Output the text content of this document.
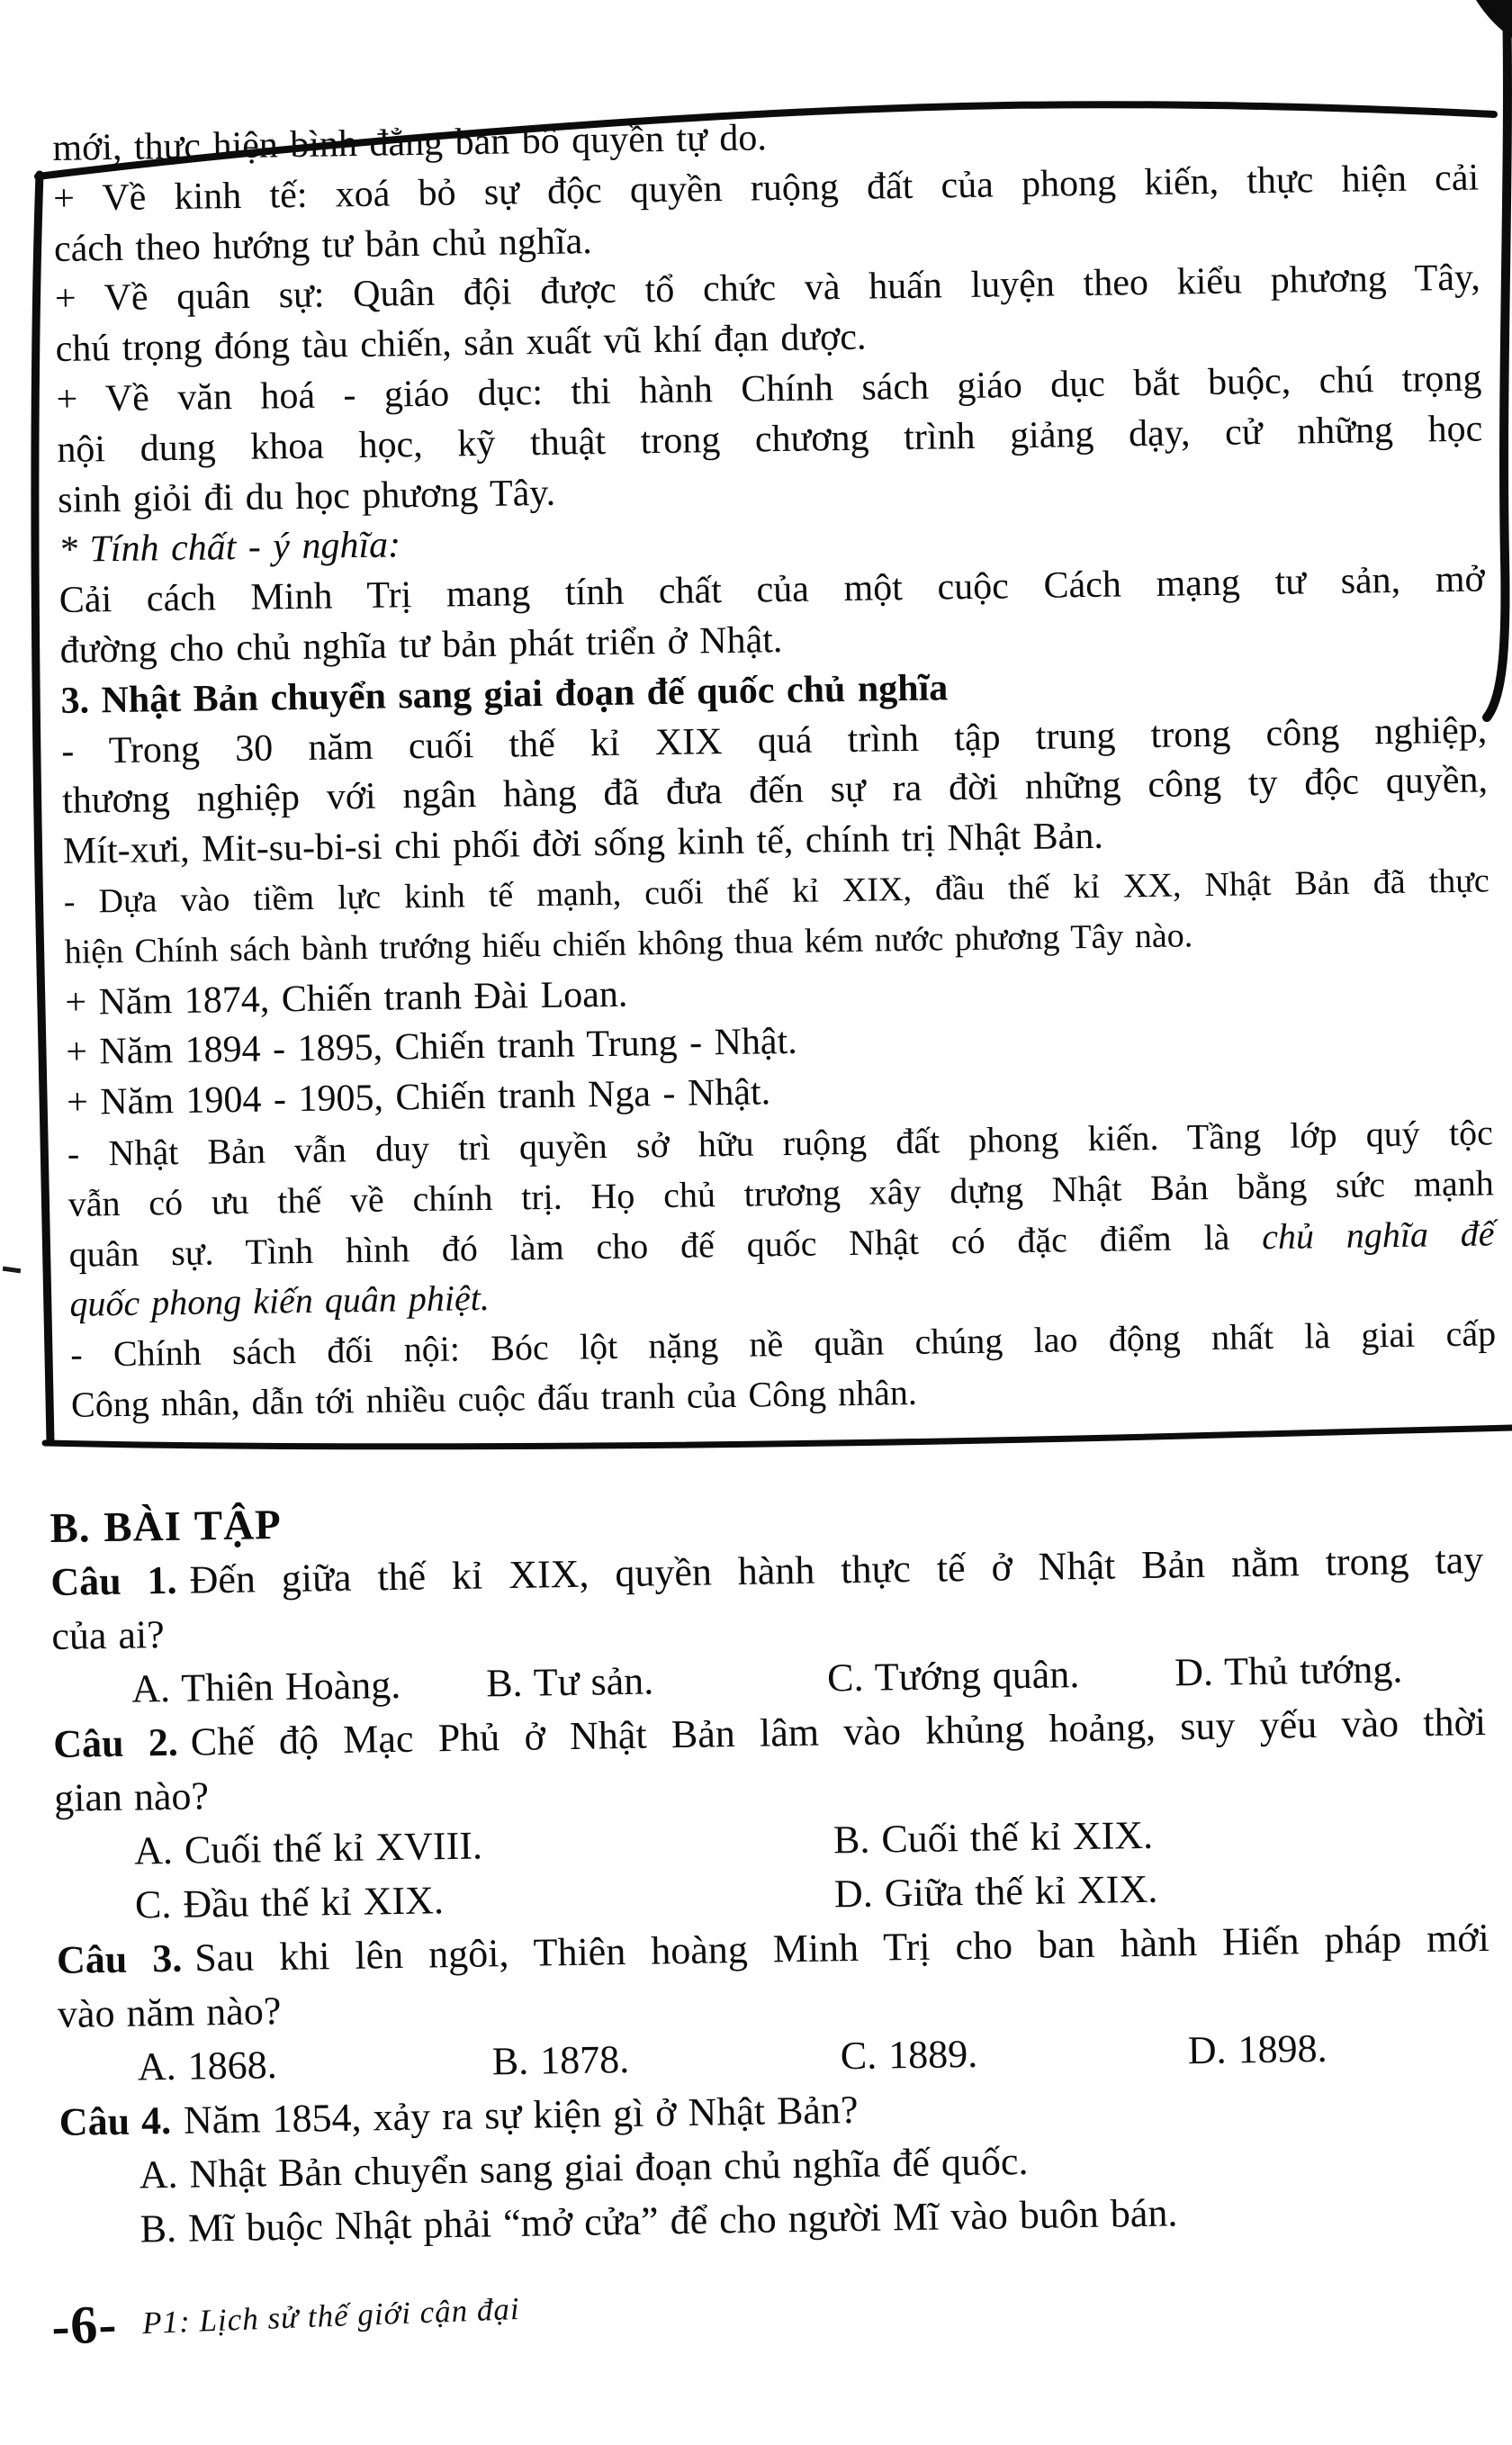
mới, thực hiện bình đẳng ban bố quyền tự do.
+ Về kinh tế: xoá bỏ sự độc quyền ruộng đất của phong kiến, thực hiện cải
cách theo hướng tư bản chủ nghĩa.
+ Về quân sự: Quân đội được tổ chức và huấn luyện theo kiểu phương Tây,
chú trọng đóng tàu chiến, sản xuất vũ khí đạn dược.
+ Về văn hoá - giáo dục: thi hành Chính sách giáo dục bắt buộc, chú trọng
nội dung khoa học, kỹ thuật trong chương trình giảng dạy, cử những học
sinh giỏi đi du học phương Tây.
* Tính chất - ý nghĩa:
Cải cách Minh Trị mang tính chất của một cuộc Cách mạng tư sản, mở
đường cho chủ nghĩa tư bản phát triển ở Nhật.
3. Nhật Bản chuyển sang giai đoạn đế quốc chủ nghĩa
- Trong 30 năm cuối thế kỉ XIX quá trình tập trung trong công nghiệp,
thương nghiệp với ngân hàng đã đưa đến sự ra đời những công ty độc quyền,
Mít-xưi, Mit-su-bi-si chi phối đời sống kinh tế, chính trị Nhật Bản.
- Dựa vào tiềm lực kinh tế mạnh, cuối thế kỉ XIX, đầu thế kỉ XX, Nhật Bản đã thực
hiện Chính sách bành trướng hiếu chiến không thua kém nước phương Tây nào.
+ Năm 1874, Chiến tranh Đài Loan.
+ Năm 1894 - 1895, Chiến tranh Trung - Nhật.
+ Năm 1904 - 1905, Chiến tranh Nga - Nhật.
- Nhật Bản vẫn duy trì quyền sở hữu ruộng đất phong kiến. Tầng lớp quý tộc
vẫn có ưu thế về chính trị. Họ chủ trương xây dựng Nhật Bản bằng sức mạnh
quân sự. Tình hình đó làm cho đế quốc Nhật có đặc điểm là chủ nghĩa đế
quốc phong kiến quân phiệt.
- Chính sách đối nội: Bóc lột nặng nề quần chúng lao động nhất là giai cấp
Công nhân, dẫn tới nhiều cuộc đấu tranh của Công nhân.
B. BÀI TẬP
Câu 1. Đến giữa thế kỉ XIX, quyền hành thực tế ở Nhật Bản nằm trong tay
của ai?
A. Thiên Hoàng. B. Tư sản.	C. Tướng quân. D. Thủ tướng.
Câu 2. Chế độ Mạc Phủ ở Nhật Bản lâm vào khủng hoảng, suy yếu vào thời
gian nào?
A. Cuối thế kỉ XVIII.	B. Cuối thế kỉ XIX.
C. Đầu thế kỉ XIX.	D. Giữa thế kỉ XIX.
Câu 3. Sau khi lên ngôi, Thiên hoàng Minh Trị cho ban hành Hiến pháp mới
vào năm nào?
A. 1868.	B. 1878.	C. 1889.	D. 1898.
Câu 4. Năm 1854, xảy ra sự kiện gì ở Nhật Bản?
A. Nhật Bản chuyển sang giai đoạn chủ nghĩa đế quốc.
B. Mĩ buộc Nhật phải “mở cửa” để cho người Mĩ vào buôn bán.
-6- P1: Lịch sử thế giới cận đại
